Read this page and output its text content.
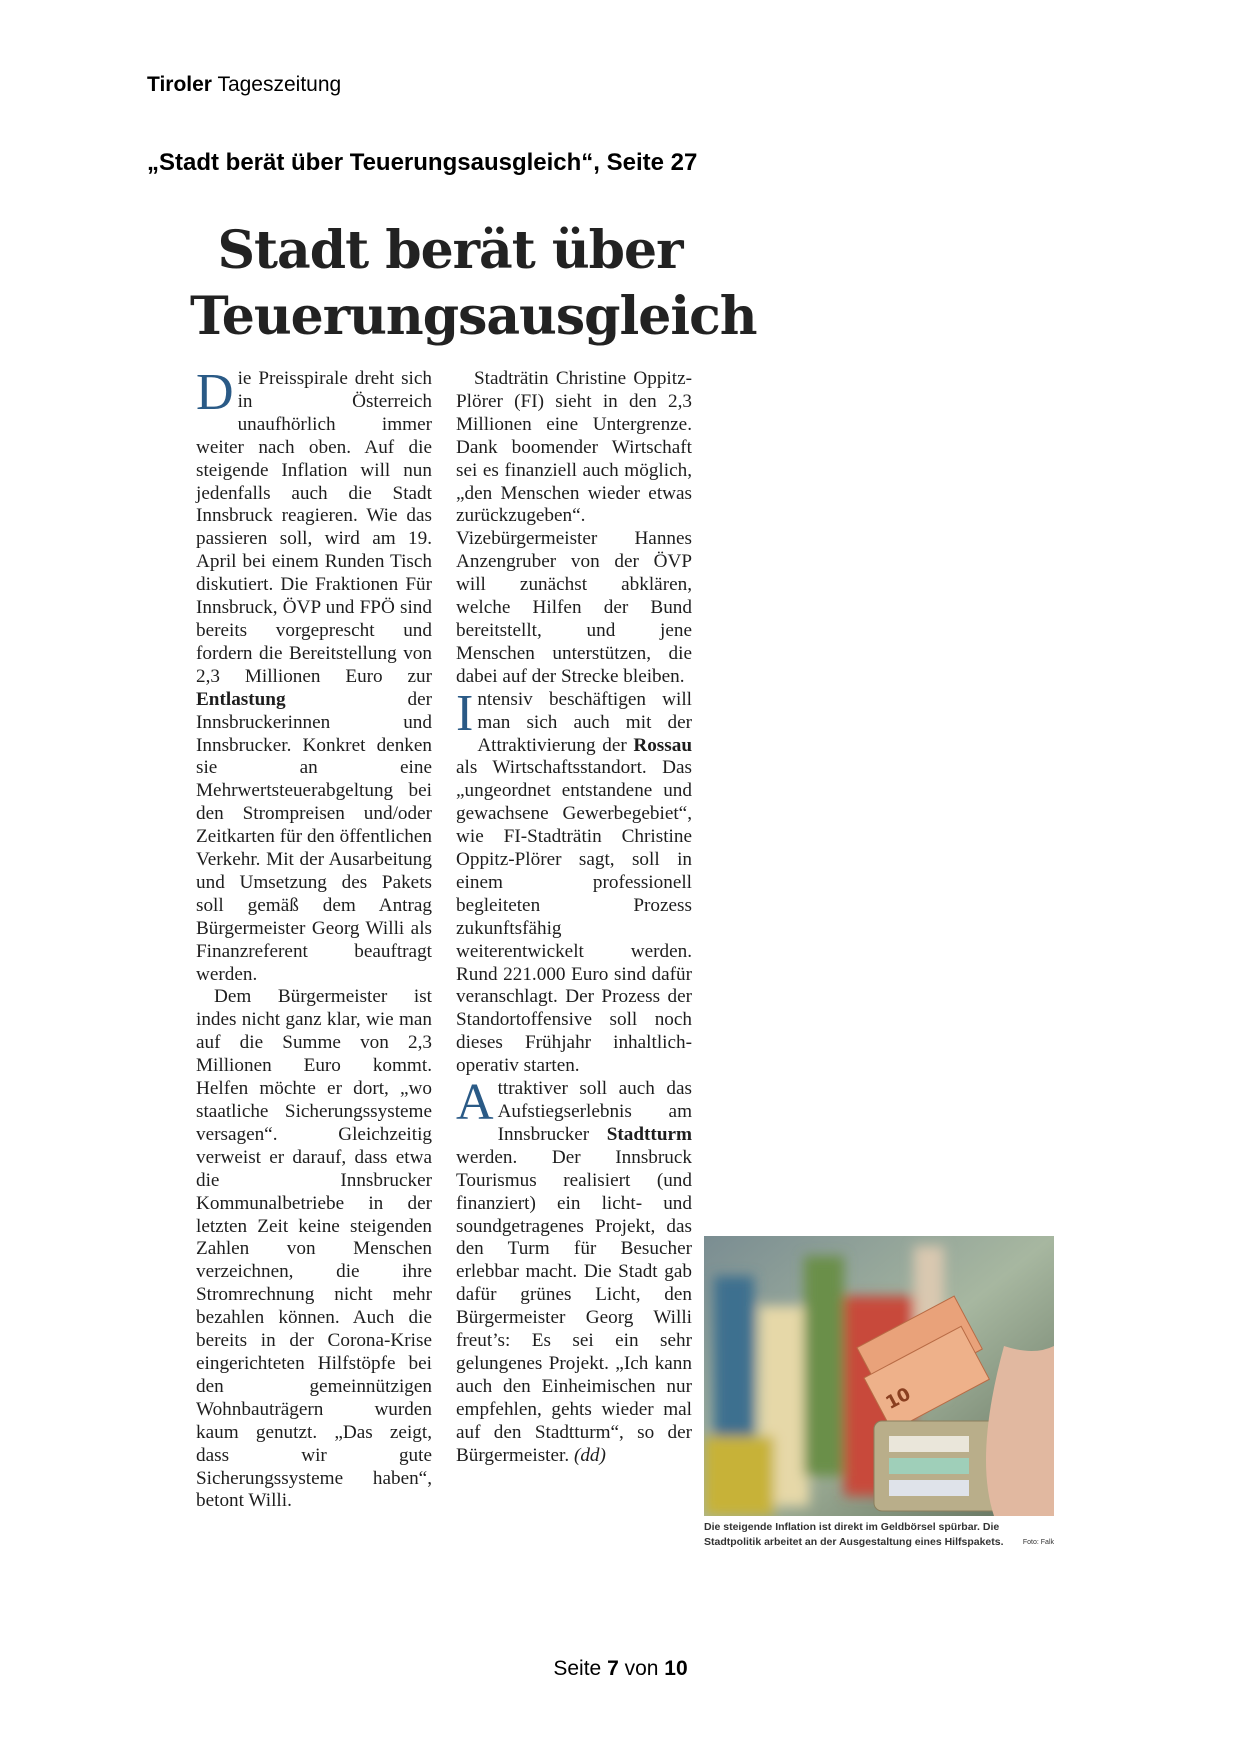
Tiroler Tageszeitung
„Stadt berät über Teuerungsausgleich“, Seite 27
Stadt berät über
Teuerungsausgleich

Die Preisspirale dreht sich in Österreich unaufhörlich immer weiter nach oben. Auf die steigende Inflation will nun jedenfalls auch die Stadt Innsbruck reagieren. Wie das passieren soll, wird am 19. April bei einem Runden Tisch diskutiert. Die Fraktionen Für Innsbruck, ÖVP und FPÖ sind bereits vorgeprescht und fordern die Bereitstellung von 2,3 Millionen Euro zur Entlastung	der Innsbruckerinnen und Innsbrucker. Konkret denken sie an eine Mehrwertsteuerabgeltung bei den Strompreisen und/oder Zeitkarten für den öffentlichen Verkehr. Mit der Ausarbeitung und Umsetzung des Pakets soll gemäß dem Antrag Bürgermeister Georg Willi als Finanzreferent beauftragt werden.

Dem Bürgermeister ist indes nicht ganz klar, wie man auf die Summe von 2,3 Millionen Euro kommt. Helfen möchte er dort, „wo staatliche Sicherungssysteme versagen“. Gleichzeitig verweist er darauf, dass etwa die Innsbrucker Kommunalbetriebe in der letzten Zeit keine steigenden Zahlen von Menschen verzeichnen, die ihre Stromrechnung nicht mehr bezahlen können. Auch die bereits in der Corona-Krise eingerichteten Hilfstöpfe bei den gemeinnützigen Wohnbauträgern wurden kaum genutzt. „Das zeigt, dass wir gute Sicherungssysteme haben“, betont Willi.

Stadträtin Christine Oppitz-Plörer (FI) sieht in den 2,3 Millionen eine Untergrenze. Dank boomender Wirtschaft sei es finanziell auch möglich, „den Menschen wieder etwas zurückzugeben“. Vizebürgermeister Hannes Anzengruber von der ÖVP will zunächst abklären, welche Hilfen der Bund bereitstellt, und jene Menschen unterstützen, die dabei auf der Strecke bleiben.

Intensiv beschäftigen will man sich auch mit der Attraktivierung der Rossau als Wirtschaftsstandort. Das „ungeordnet entstandene und gewachsene Gewerbegebiet“, wie FI-Stadträtin Christine Oppitz-Plörer sagt, soll in einem professionell begleiteten Prozess zukunftsfähig weiterentwickelt werden. Rund 221.000 Euro sind dafür veranschlagt. Der Prozess der Standortoffensive soll noch dieses Frühjahr inhaltlich-operativ starten.

Attraktiver soll auch das Aufstiegserlebnis am Innsbrucker Stadtturm werden. Der Innsbruck Tourismus realisiert (und finanziert) ein licht- und soundgetragenes Projekt, das den Turm für Besucher erlebbar macht. Die Stadt gab dafür grünes Licht, den Bürgermeister Georg Willi freut’s: Es sei ein sehr gelungenes Projekt. „Ich kann auch den Einheimischen nur empfehlen, gehts wieder mal auf den Stadtturm“, so der Bürgermeister. (dd)

10
Die steigende Inflation ist direkt im Geldbörsel spürbar. Die Stadtpolitik arbeitet an der Ausgestaltung eines Hilfspakets.	Foto: Falk
Seite 7 von 10
